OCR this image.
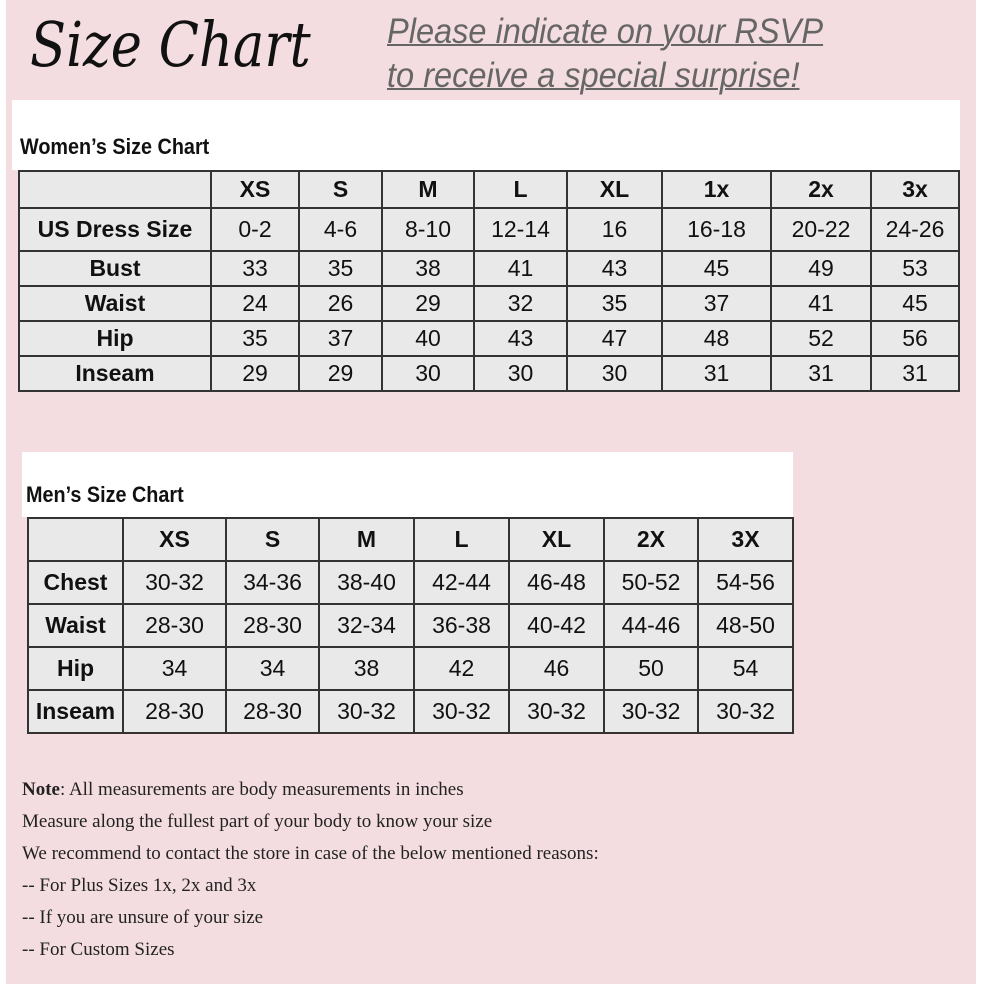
Size Chart Please indicate on your RSVP
to receive a special surprise!
Women’s Size Chart
	XS	S	M	L	XL	1x	2x	3x
US Dress Size	0-2	4-6	8-10	12-14	16	16-18	20-22	24-26
Bust	33	35	38	41	43	45	49	53
Waist	24	26	29	32	35	37	41	45
Hip	35	37	40	43	47	48	52	56
Inseam	29	29	30	30	30	31	31	31
Men’s Size Chart
	XS	S	M	L	XL	2X	3X
Chest	30-32	34-36	38-40	42-44	46-48	50-52	54-56
Waist	28-30	28-30	32-34	36-38	40-42	44-46	48-50
Hip	34	34	38	42	46	50	54
Inseam	28-30	28-30	30-32	30-32	30-32	30-32	30-32
Note: All measurements are body measurements in inches
Measure along the fullest part of your body to know your size
We recommend to contact the store in case of the below mentioned reasons:
-- For Plus Sizes 1x, 2x and 3x
-- If you are unsure of your size
-- For Custom Sizes
